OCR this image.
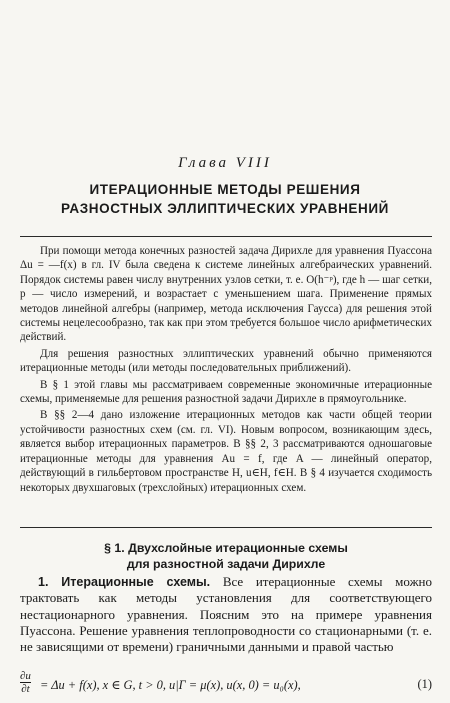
Глава VIII
ИТЕРАЦИОННЫЕ МЕТОДЫ РЕШЕНИЯ
РАЗНОСТНЫХ ЭЛЛИПТИЧЕСКИХ УРАВНЕНИЙ

При помощи метода конечных разностей задача Дирихле для уравнения Пуассона Δu = —f(x) в гл. IV была сведена к системе линейных алгебраических уравнений. Порядок системы равен числу внутренних узлов сетки, т. е. O(h⁻ᵖ), где h — шаг сетки, p — число измерений, и возрастает с уменьшением шага. Применение прямых методов линейной алгебры (например, метода исключения Гаусса) для решения этой системы нецелесообразно, так как при этом требуется большое число арифметических действий.

Для решения разностных эллиптических уравнений обычно применяются итерационные методы (или методы последовательных приближений).

В § 1 этой главы мы рассматриваем современные экономичные итерационные схемы, применяемые для решения разностной задачи Дирихле в прямоугольнике.

В §§ 2—4 дано изложение итерационных методов как части общей теории устойчивости разностных схем (см. гл. VI). Новым вопросом, возникающим здесь, является выбор итерационных параметров. В §§ 2, 3 рассматриваются одношаговые итерационные методы для уравнения Au = f, где A — линейный оператор, действующий в гильбертовом пространстве H, u∈H, f∈H. В § 4 изучается сходимость некоторых двухшаговых (трехслойных) итерационных схем.

§ 1. Двухслойные итерационные схемы
для разностной задачи Дирихле

1. Итерационные схемы. Все итерационные схемы можно трактовать как методы установления для соответствующего нестационарного уравнения. Поясним это на примере уравнения Пуассона. Решение уравнения теплопроводности со стационарными (т. е. не зависящими от времени) граничными данными и правой частью

$\frac{\partial u}{\partial t} = \Delta u + f(x)$, x ∈ G, t > 0, u|Γ = μ(x), u(x, 0) = u₀(x),	(1)
